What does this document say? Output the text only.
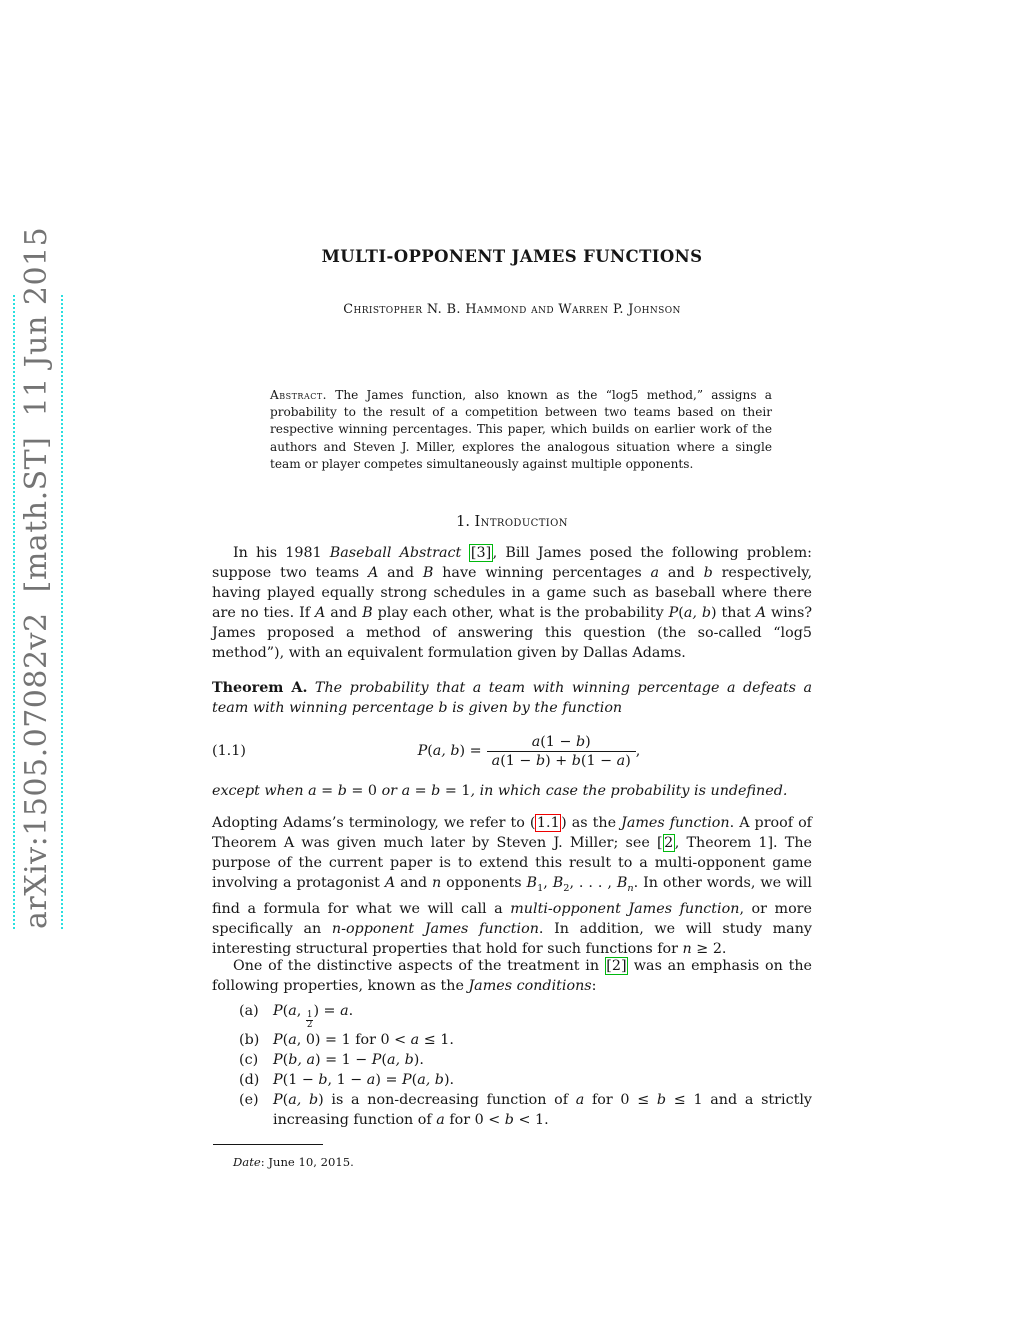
arXiv:1505.07082v2  [math.ST]  11 Jun 2015	MULTI-OPPONENT JAMES FUNCTIONS
Christopher N. B. Hammond and Warren P. Johnson
Abstract. The James function, also known as the “log5 method,” assigns a probability to the result of a competition between two teams based on their respective winning percentages. This paper, which builds on earlier work of the authors and Steven J. Miller, explores the analogous situation where a single team or player competes simultaneously against multiple opponents.
1. Introduction
In his 1981 Baseball Abstract [3] , Bill James posed the following problem: suppose two teams A and B have winning percentages a and b respectively, having played equally strong schedules in a game such as baseball where there are no ties. If A and B play each other, what is the probability P(a, b) that A wins? James proposed a method of answering this question (the so-called “log5 method”), with an equivalent formulation given by Dallas Adams.
Theorem A. The probability that a team with winning percentage a defeats a team with winning percentage b is given by the function
(1.1)	P(a, $b) = \frac{a(1 - b)}{a(1 - b) + b(1 - a)}$ ,
except when a = b = 0 or a = b = 1, in which case the probability is undefined.
Adopting Adams’s terminology, we refer to ( 1.1 ) as the James function. A proof of Theorem A was given much later by Steven J. Miller; see [ 2 , Theorem 1]. The purpose of the current paper is to extend this result to a multi-opponent game involving a protagonist A and n opponents $B_1$, $B_2$, . . . , $B_n$. In other words, we will find a formula for what we will call a multi-opponent James function, or more specifically an n-opponent James function. In addition, we will study many interesting structural properties that hold for such functions for n ≥ 2.
One of the distinctive aspects of the treatment in [2] was an emphasis on the following properties, known as the James conditions:
(a)	P(a, $\frac{1}{2}$ ) = a.
(b) P(a, 0) = 1 for 0 < a ≤ 1.
(c)	P(b, a) = 1 − P(a, b).
(d) P(1 − b, 1 − a) = P(a, b).
(e)	P(a, b) is a non-decreasing function of a for 0 ≤ b ≤ 1 and a strictly increasing function of a for 0 < b < 1.
Date: June 10, 2015.
